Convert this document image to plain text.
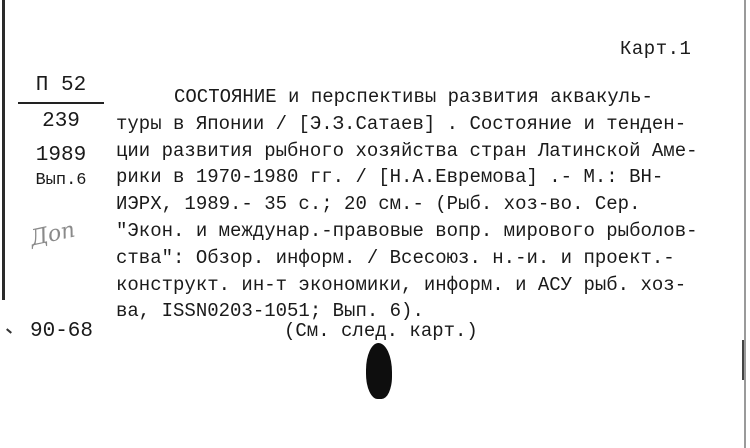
Карт.1
П 52
239
1989
Вып.6
Доп
90-68
СОСТОЯНИЕ и перспективы развития аквакуль-
туры в Японии / [Э.З.Сатаев] . Состояние и тенден-
ции развития рыбного хозяйства стран Латинской Аме-
рики в 1970-1980 гг. / [Н.А.Евремова] .- М.: ВН-
ИЭРХ, 1989.- 35 с.; 20 см.- (Рыб. хоз-во. Сер.
"Экон. и междунар.-правовые вопр. мирового рыболов-
ства": Обзор. информ. / Всесоюз. н.-и. и проект.-
конструкт. ин-т экономики, информ. и АСУ рыб. хоз-
ва, ISSN0203-1051; Вып. 6).
(См. след. карт.)
